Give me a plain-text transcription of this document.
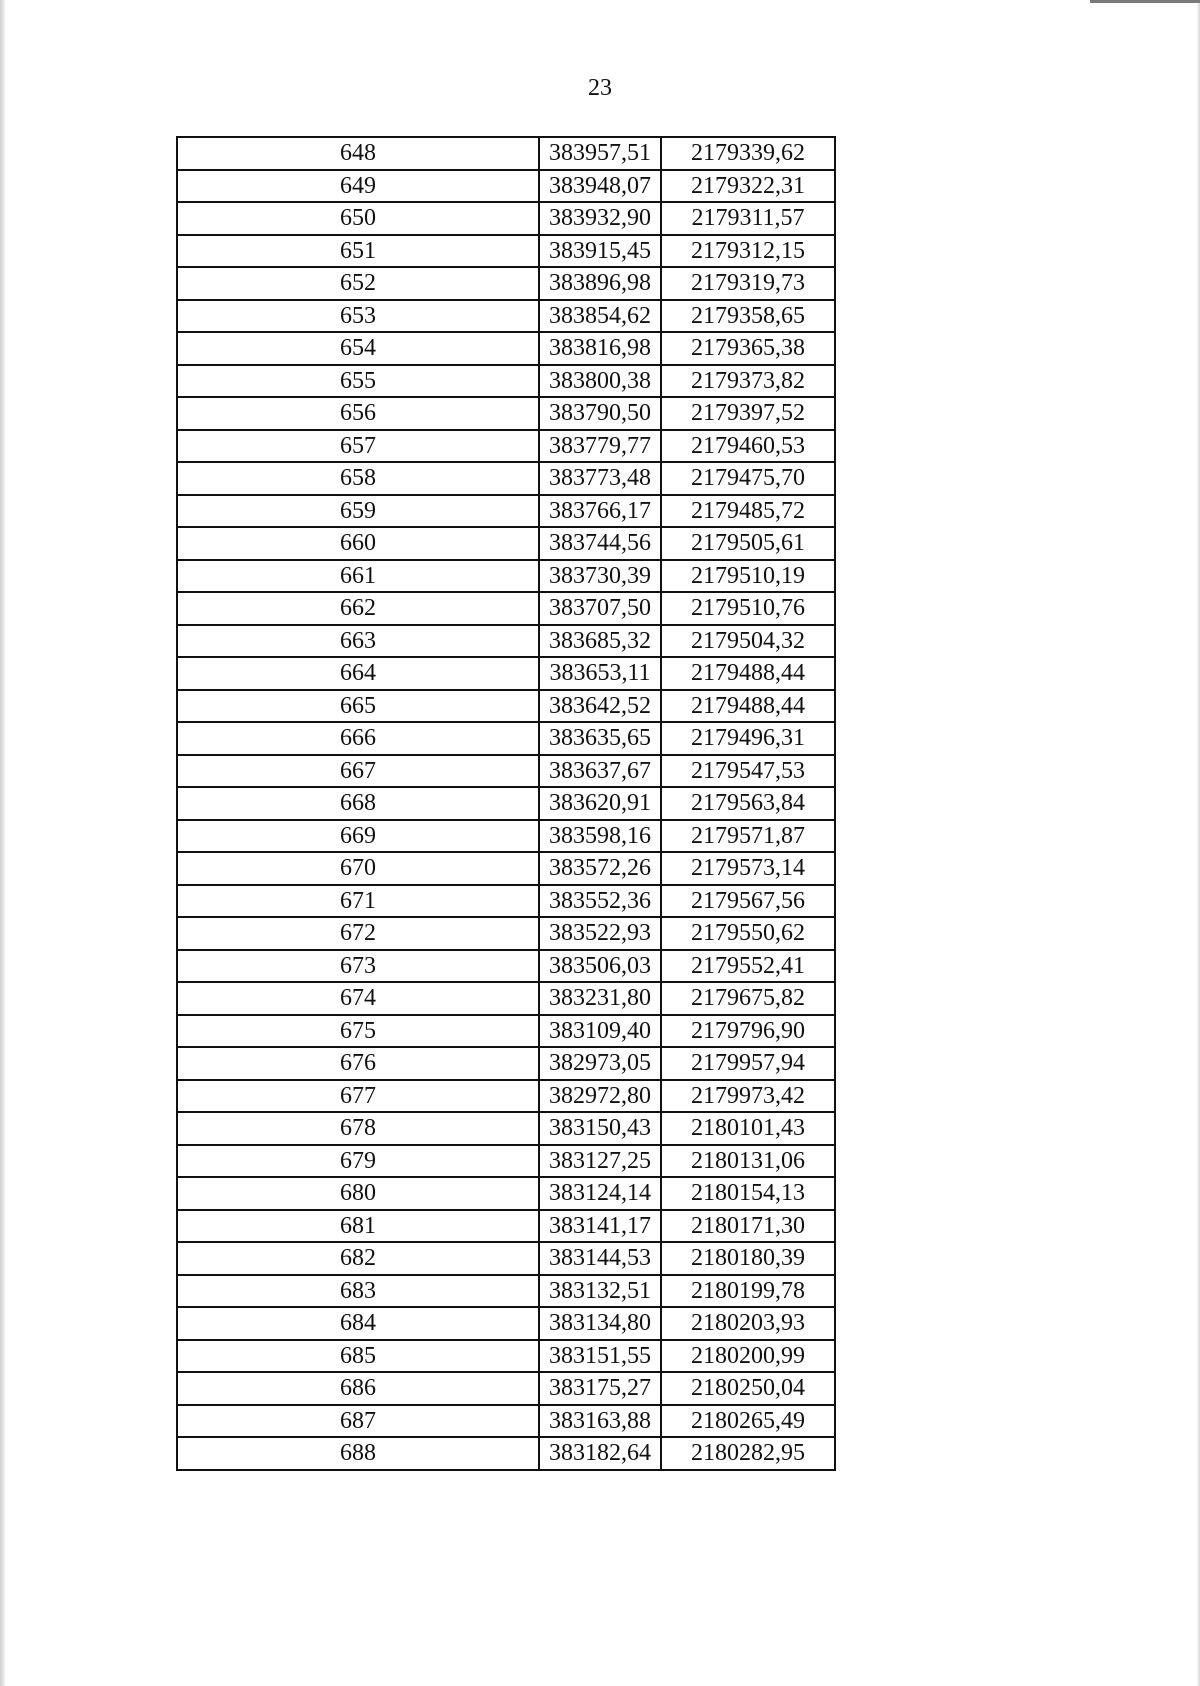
23
648	383957,51	2179339,62
649	383948,07	2179322,31
650	383932,90	2179311,57
651	383915,45	2179312,15
652	383896,98	2179319,73
653	383854,62	2179358,65
654	383816,98	2179365,38
655	383800,38	2179373,82
656	383790,50	2179397,52
657	383779,77	2179460,53
658	383773,48	2179475,70
659	383766,17	2179485,72
660	383744,56	2179505,61
661	383730,39	2179510,19
662	383707,50	2179510,76
663	383685,32	2179504,32
664	383653,11	2179488,44
665	383642,52	2179488,44
666	383635,65	2179496,31
667	383637,67	2179547,53
668	383620,91	2179563,84
669	383598,16	2179571,87
670	383572,26	2179573,14
671	383552,36	2179567,56
672	383522,93	2179550,62
673	383506,03	2179552,41
674	383231,80	2179675,82
675	383109,40	2179796,90
676	382973,05	2179957,94
677	382972,80	2179973,42
678	383150,43	2180101,43
679	383127,25	2180131,06
680	383124,14	2180154,13
681	383141,17	2180171,30
682	383144,53	2180180,39
683	383132,51	2180199,78
684	383134,80	2180203,93
685	383151,55	2180200,99
686	383175,27	2180250,04
687	383163,88	2180265,49
688	383182,64	2180282,95
